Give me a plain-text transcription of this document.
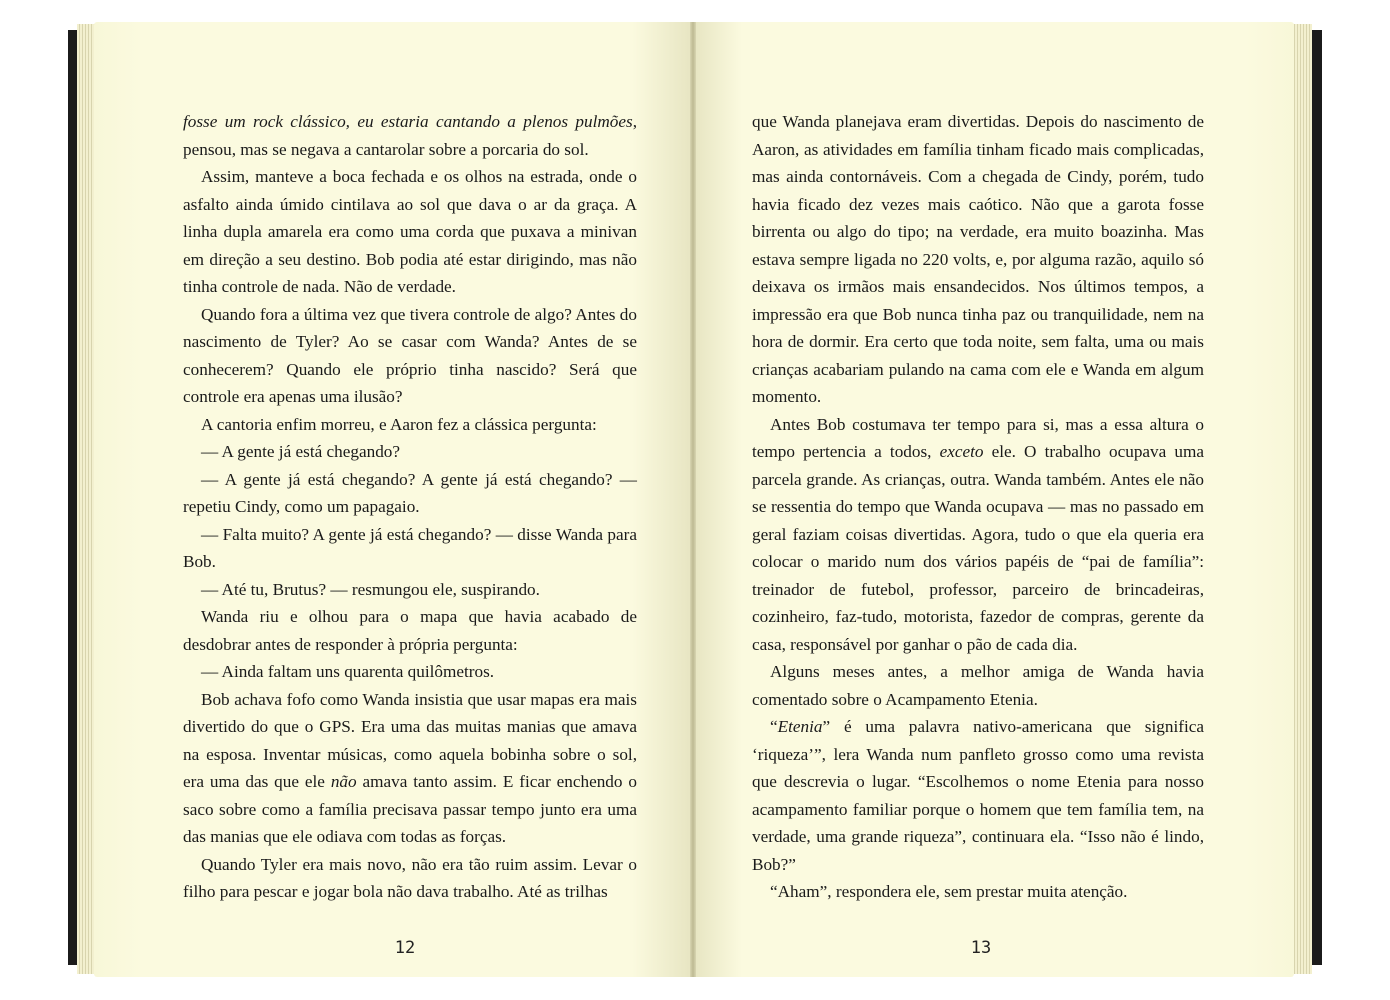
fosse um rock clássico, eu estaria cantando a plenos pulmões, pensou, mas se negava a cantarolar sobre a porcaria do sol.

Assim, manteve a boca fechada e os olhos na estrada, onde o asfalto ainda úmido cintilava ao sol que dava o ar da graça. A linha dupla amarela era como uma corda que puxava a minivan em direção a seu destino. Bob podia até estar dirigindo, mas não tinha controle de nada. Não de verdade.

Quando fora a última vez que tivera controle de algo? Antes do nascimento de Tyler? Ao se casar com Wanda? Antes de se conhecerem? Quando ele próprio tinha nascido? Será que controle era apenas uma ilusão?

A cantoria enfim morreu, e Aaron fez a clássica pergunta:

— A gente já está chegando?

— A gente já está chegando? A gente já está chegando? — repetiu Cindy, como um papagaio.

— Falta muito? A gente já está chegando? — disse Wanda para Bob.

— Até tu, Brutus? — resmungou ele, suspirando.

Wanda riu e olhou para o mapa que havia acabado de desdobrar antes de responder à própria pergunta:

— Ainda faltam uns quarenta quilômetros.

Bob achava fofo como Wanda insistia que usar mapas era mais divertido do que o GPS. Era uma das muitas manias que amava na esposa. Inventar músicas, como aquela bobinha sobre o sol, era uma das que ele não amava tanto assim. E ficar enchendo o saco sobre como a família precisava passar tempo junto era uma das manias que ele odiava com todas as forças.

Quando Tyler era mais novo, não era tão ruim assim. Levar o filho para pescar e jogar bola não dava trabalho. Até as trilhas

12

que Wanda planejava eram divertidas. Depois do nascimento de Aaron, as atividades em família tinham ficado mais complicadas, mas ainda contornáveis. Com a chegada de Cindy, porém, tudo havia ficado dez vezes mais caótico. Não que a garota fosse birrenta ou algo do tipo; na verdade, era muito boazinha. Mas estava sempre ligada no 220 volts, e, por alguma razão, aquilo só deixava os irmãos mais ensandecidos. Nos últimos tempos, a impressão era que Bob nunca tinha paz ou tranquilidade, nem na hora de dormir. Era certo que toda noite, sem falta, uma ou mais crianças acabariam pulando na cama com ele e Wanda em algum momento.

Antes Bob costumava ter tempo para si, mas a essa altura o tempo pertencia a todos, exceto ele. O trabalho ocupava uma parcela grande. As crianças, outra. Wanda também. Antes ele não se ressentia do tempo que Wanda ocupava — mas no passado em geral faziam coisas divertidas. Agora, tudo o que ela queria era colocar o marido num dos vários papéis de “pai de família”: treinador de futebol, professor, parceiro de brincadeiras, cozinheiro, faz-tudo, motorista, fazedor de compras, gerente da casa, responsável por ganhar o pão de cada dia.

Alguns meses antes, a melhor amiga de Wanda havia comentado sobre o Acampamento Etenia.

“Etenia” é uma palavra nativo-americana que significa ‘riqueza’”, lera Wanda num panfleto grosso como uma revista que descrevia o lugar. “Escolhemos o nome Etenia para nosso acampamento familiar porque o homem que tem família tem, na verdade, uma grande riqueza”, continuara ela. “Isso não é lindo, Bob?”

“Aham”, respondera ele, sem prestar muita atenção.

13
